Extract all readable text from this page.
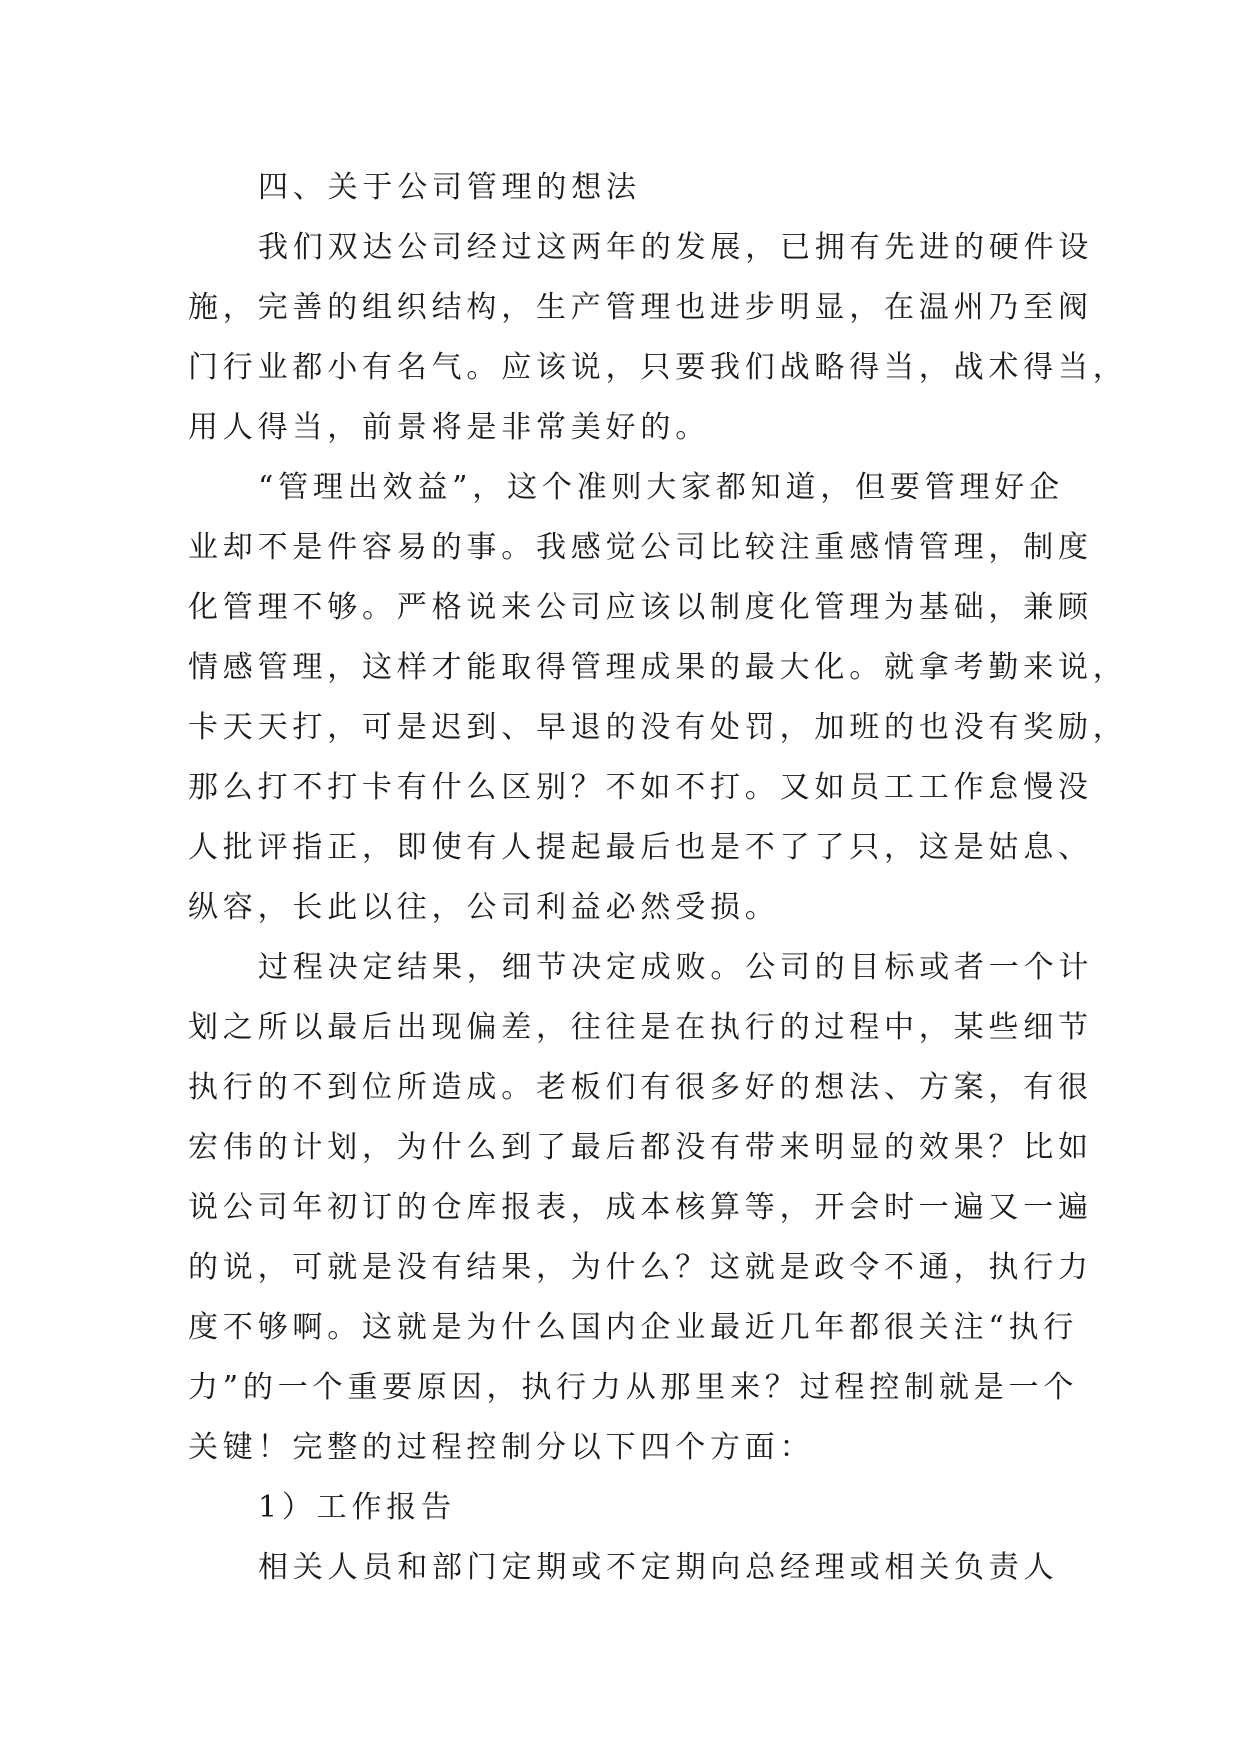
四、关于公司管理的想法
我们双达公司经过这两年的发展，已拥有先进的硬件设
施，完善的组织结构，生产管理也进步明显，在温州乃至阀
门行业都小有名气。应该说，只要我们战略得当，战术得当，
用人得当，前景将是非常美好的。
“管理出效益”，这个准则大家都知道，但要管理好企
业却不是件容易的事。我感觉公司比较注重感情管理，制度
化管理不够。严格说来公司应该以制度化管理为基础，兼顾
情感管理，这样才能取得管理成果的最大化。就拿考勤来说，
卡天天打，可是迟到、早退的没有处罚，加班的也没有奖励，
那么打不打卡有什么区别？不如不打。又如员工工作怠慢没
人批评指正，即使有人提起最后也是不了了只，这是姑息、
纵容，长此以往，公司利益必然受损。
过程决定结果，细节决定成败。公司的目标或者一个计
划之所以最后出现偏差，往往是在执行的过程中，某些细节
执行的不到位所造成。老板们有很多好的想法、方案，有很
宏伟的计划，为什么到了最后都没有带来明显的效果？比如
说公司年初订的仓库报表，成本核算等，开会时一遍又一遍
的说，可就是没有结果，为什么？这就是政令不通，执行力
度不够啊。这就是为什么国内企业最近几年都很关注“执行
力”的一个重要原因，执行力从那里来？过程控制就是一个
关键！完整的过程控制分以下四个方面：
1）工作报告
相关人员和部门定期或不定期向总经理或相关负责人
